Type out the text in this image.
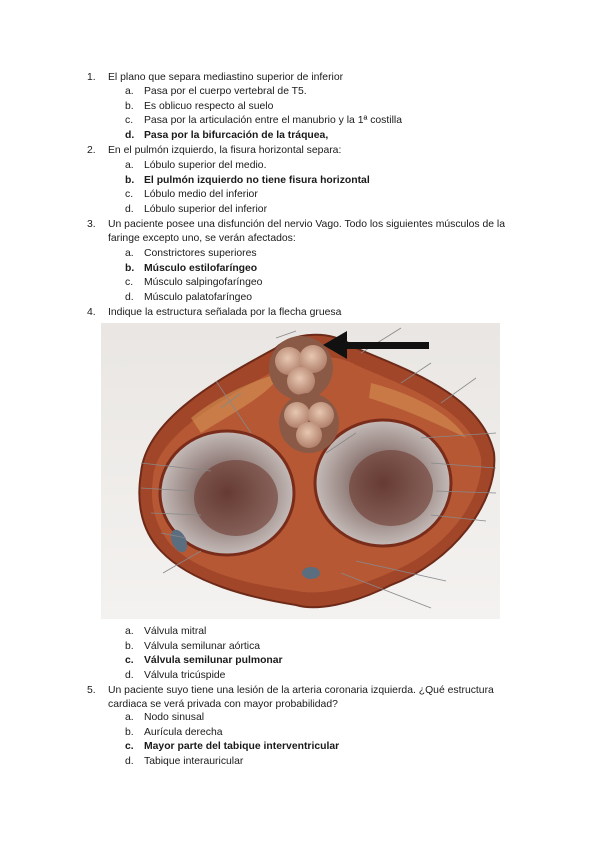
1.	El plano que separa mediastino superior de inferior
a. Pasa por el cuerpo vertebral de T5.
b. Es oblicuo respecto al suelo
c. Pasa por la articulación entre el manubrio y la 1ª costilla
d. Pasa por la bifurcación de la tráquea,
2.	En el pulmón izquierdo, la fisura horizontal separa:
a. Lóbulo superior del medio.
b. El pulmón izquierdo no tiene fisura horizontal
c. Lóbulo medio del inferior
d. Lóbulo superior del inferior
3.	Un paciente posee una disfunción del nervio Vago. Todo los siguientes músculos de la faringe excepto uno, se verán afectados:
a. Constrictores superiores
b. Músculo estilofaríngeo
c. Músculo salpingofaríngeo
d. Músculo palatofaríngeo
4.	Indique la estructura señalada por la flecha gruesa
a. Válvula mitral
b. Válvula semilunar aórtica
c. Válvula semilunar pulmonar
d. Válvula tricúspide
5.	Un paciente suyo tiene una lesión de la arteria coronaria izquierda. ¿Qué estructura cardiaca se verá privada con mayor probabilidad?
a. Nodo sinusal
b. Aurícula derecha
c. Mayor parte del tabique interventricular
d. Tabique interauricular
